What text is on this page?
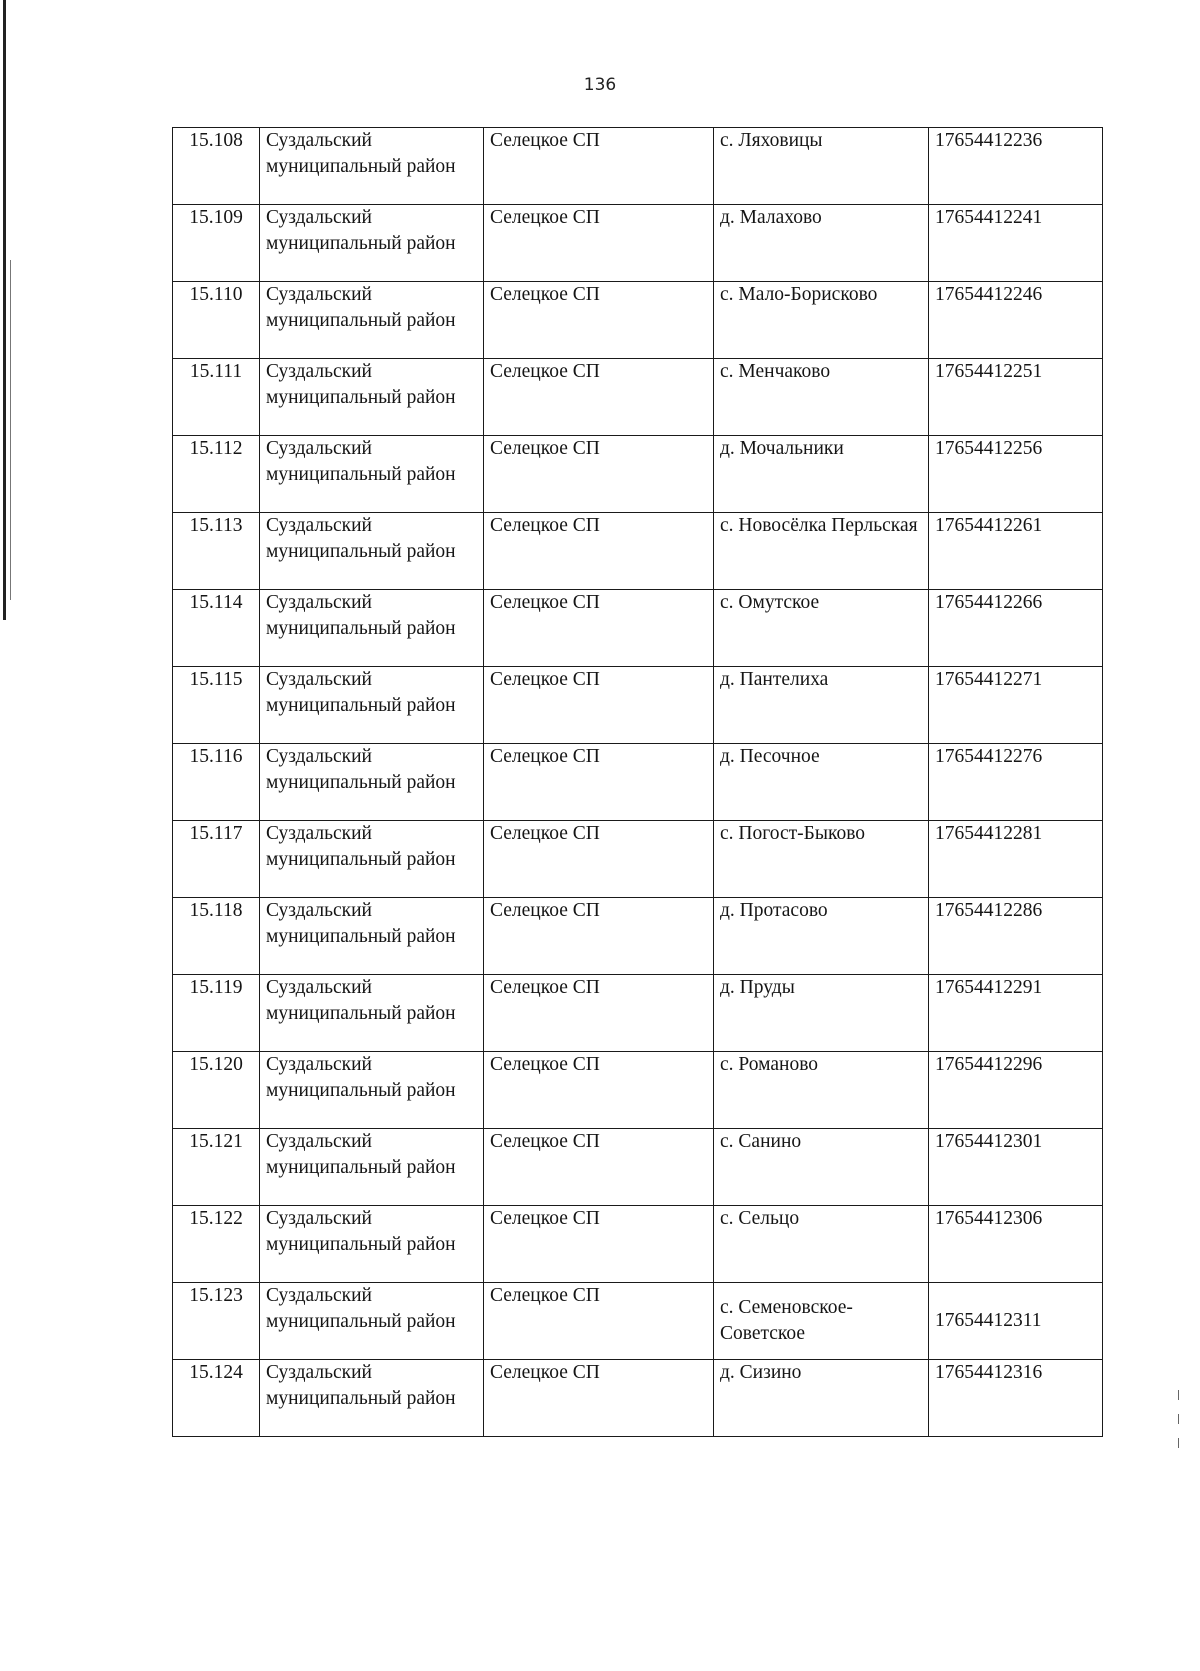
136
15.108	Суздальский муниципальный район	Селецкое СП	с. Ляховицы	17654412236
15.109	Суздальский муниципальный район	Селецкое СП	д. Малахово	17654412241
15.110	Суздальский муниципальный район	Селецкое СП	с. Мало-Борисково	17654412246
15.111	Суздальский муниципальный район	Селецкое СП	с. Менчаково	17654412251
15.112	Суздальский муниципальный район	Селецкое СП	д. Мочальники	17654412256
15.113	Суздальский муниципальный район	Селецкое СП	с. Новосёлка Перльская	17654412261
15.114	Суздальский муниципальный район	Селецкое СП	с. Омутское	17654412266
15.115	Суздальский муниципальный район	Селецкое СП	д. Пантелиха	17654412271
15.116	Суздальский муниципальный район	Селецкое СП	д. Песочное	17654412276
15.117	Суздальский муниципальный район	Селецкое СП	с. Погост-Быково	17654412281
15.118	Суздальский муниципальный район	Селецкое СП	д. Протасово	17654412286
15.119	Суздальский муниципальный район	Селецкое СП	д. Пруды	17654412291
15.120	Суздальский муниципальный район	Селецкое СП	с. Романово	17654412296
15.121	Суздальский муниципальный район	Селецкое СП	с. Санино	17654412301
15.122	Суздальский муниципальный район	Селецкое СП	с. Сельцо	17654412306
15.123	Суздальский муниципальный район	Селецкое СП	с. Семеновское-Советское	17654412311
15.124	Суздальский муниципальный район	Селецкое СП	д. Сизино	17654412316
